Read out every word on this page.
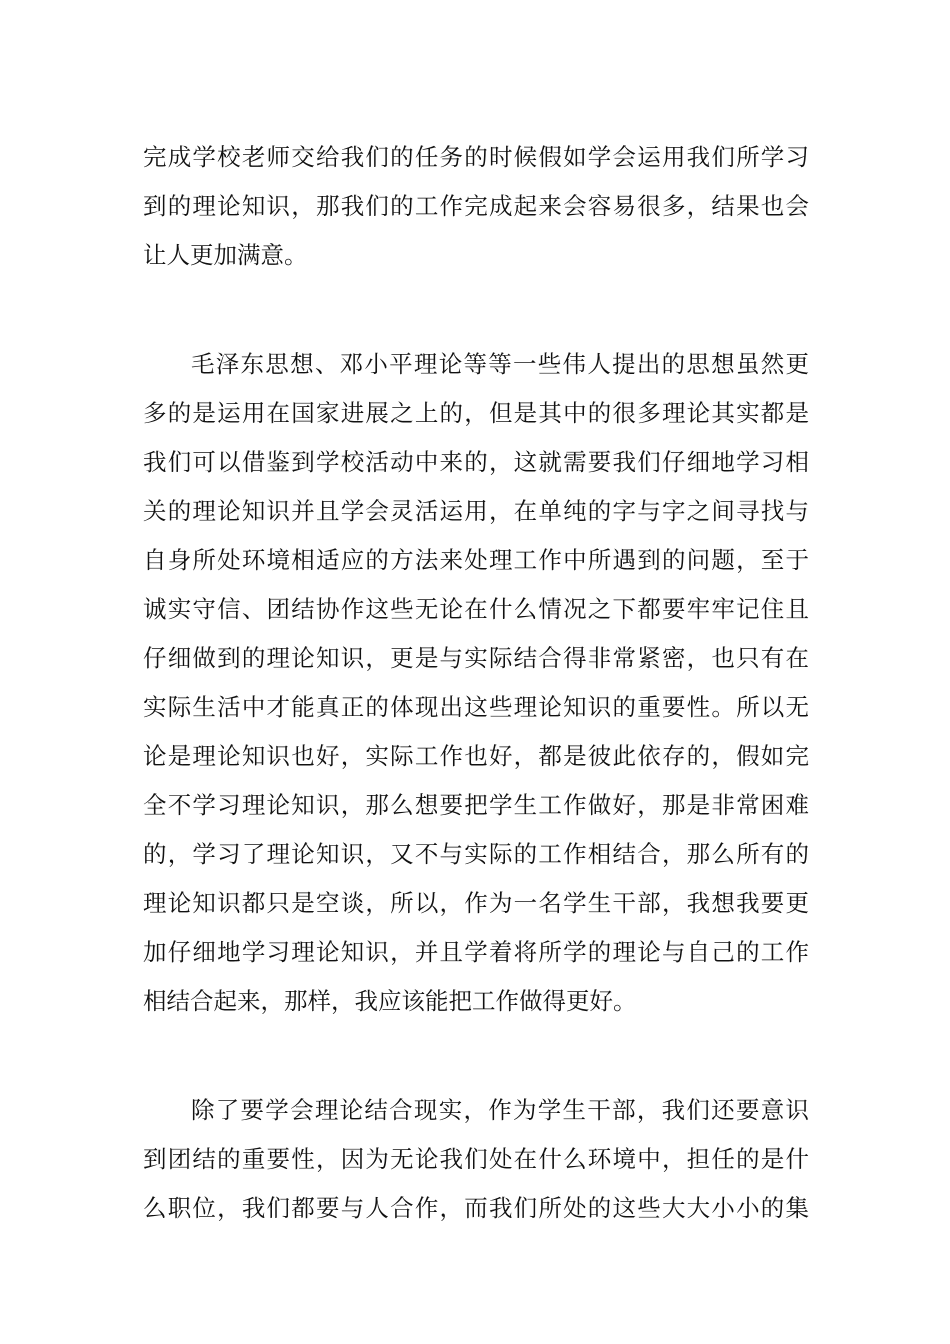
完成学校老师交给我们的任务的时候假如学会运用我们所学习
到的理论知识，那我们的工作完成起来会容易很多，结果也会
让人更加满意。
毛泽东思想、邓小平理论等等一些伟人提出的思想虽然更
多的是运用在国家进展之上的，但是其中的很多理论其实都是
我们可以借鉴到学校活动中来的，这就需要我们仔细地学习相
关的理论知识并且学会灵活运用，在单纯的字与字之间寻找与
自身所处环境相适应的方法来处理工作中所遇到的问题，至于
诚实守信、团结协作这些无论在什么情况之下都要牢牢记住且
仔细做到的理论知识，更是与实际结合得非常紧密，也只有在
实际生活中才能真正的体现出这些理论知识的重要性。所以无
论是理论知识也好，实际工作也好，都是彼此依存的，假如完
全不学习理论知识，那么想要把学生工作做好，那是非常困难
的，学习了理论知识，又不与实际的工作相结合，那么所有的
理论知识都只是空谈，所以，作为一名学生干部，我想我要更
加仔细地学习理论知识，并且学着将所学的理论与自己的工作
相结合起来，那样，我应该能把工作做得更好。
除了要学会理论结合现实，作为学生干部，我们还要意识
到团结的重要性，因为无论我们处在什么环境中，担任的是什
么职位，我们都要与人合作，而我们所处的这些大大小小的集
